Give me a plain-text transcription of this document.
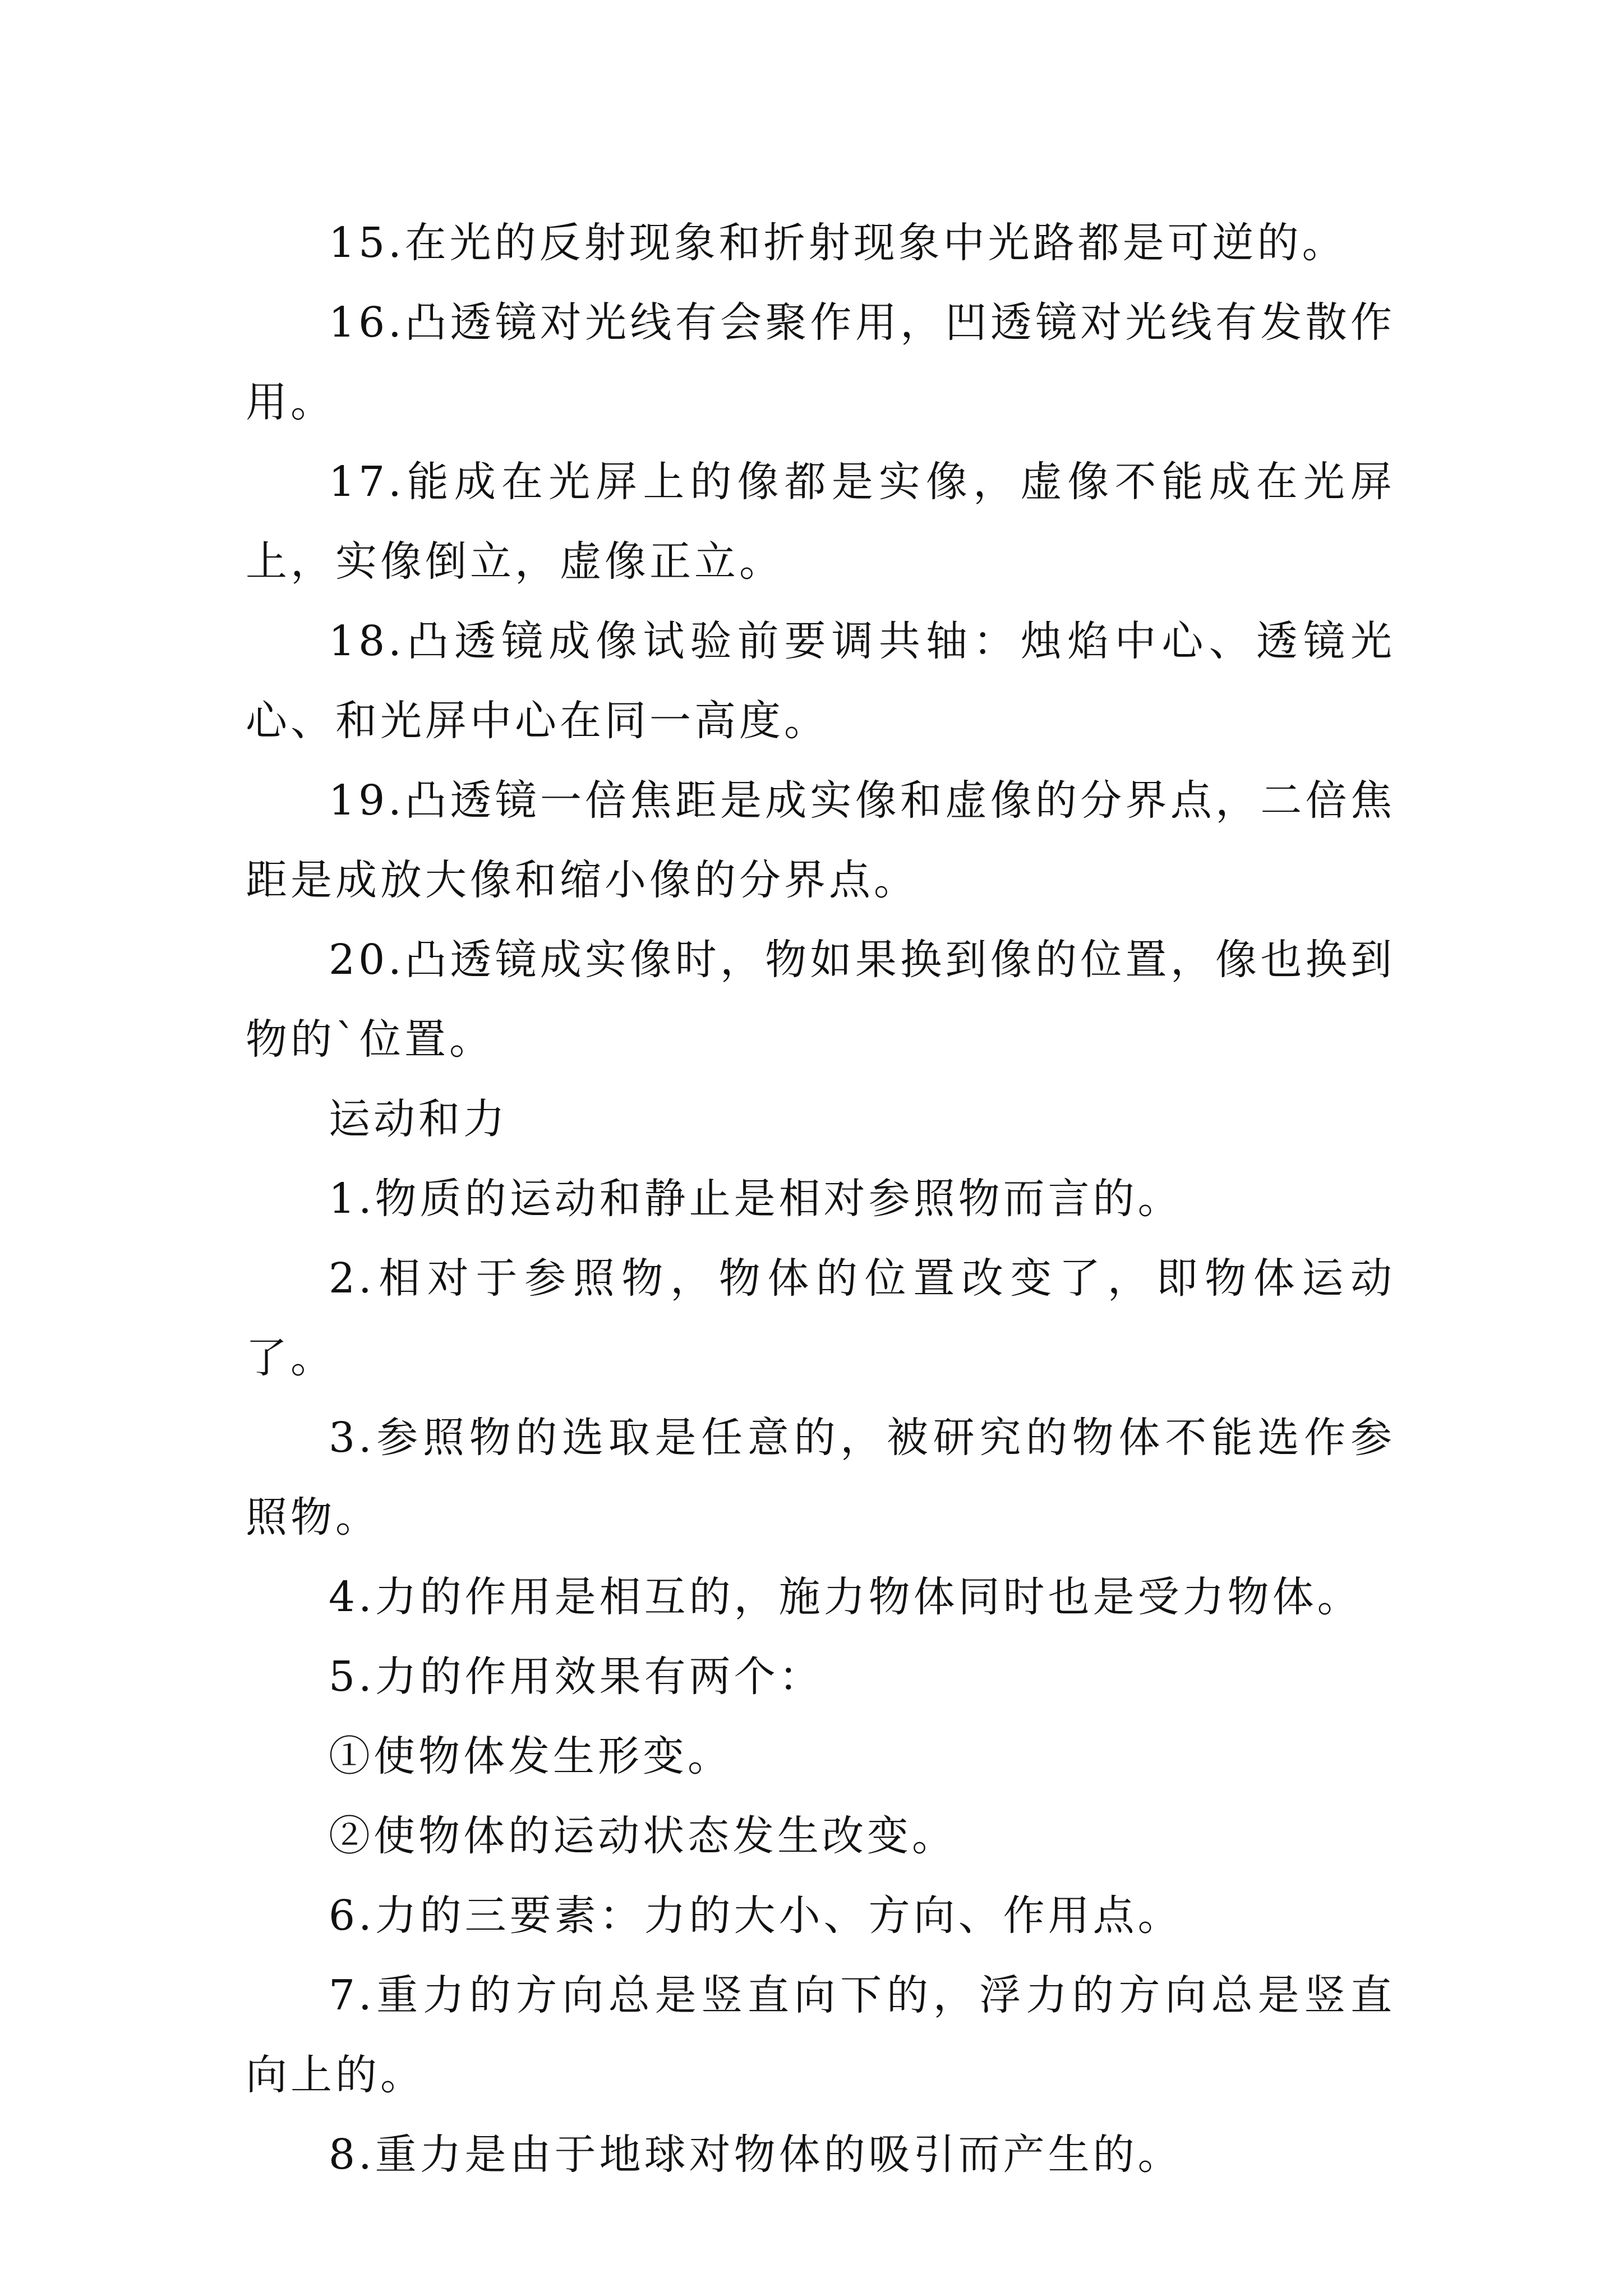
15.在光的反射现象和折射现象中光路都是可逆的。

16.凸透镜对光线有会聚作用，凹透镜对光线有发散作用。

17.能成在光屏上的像都是实像，虚像不能成在光屏上，实像倒立，虚像正立。

18.凸透镜成像试验前要调共轴：烛焰中心、透镜光心、和光屏中心在同一高度。

19.凸透镜一倍焦距是成实像和虚像的分界点，二倍焦距是成放大像和缩小像的分界点。

20.凸透镜成实像时，物如果换到像的位置，像也换到物的`位置。

运动和力

1.物质的运动和静止是相对参照物而言的。

2.相对于参照物，物体的位置改变了，即物体运动了。

3.参照物的选取是任意的，被研究的物体不能选作参照物。

4.力的作用是相互的，施力物体同时也是受力物体。

5.力的作用效果有两个：

①使物体发生形变。

②使物体的运动状态发生改变。

6.力的三要素：力的大小、方向、作用点。

7.重力的方向总是竖直向下的，浮力的方向总是竖直向上的。

8.重力是由于地球对物体的吸引而产生的。
